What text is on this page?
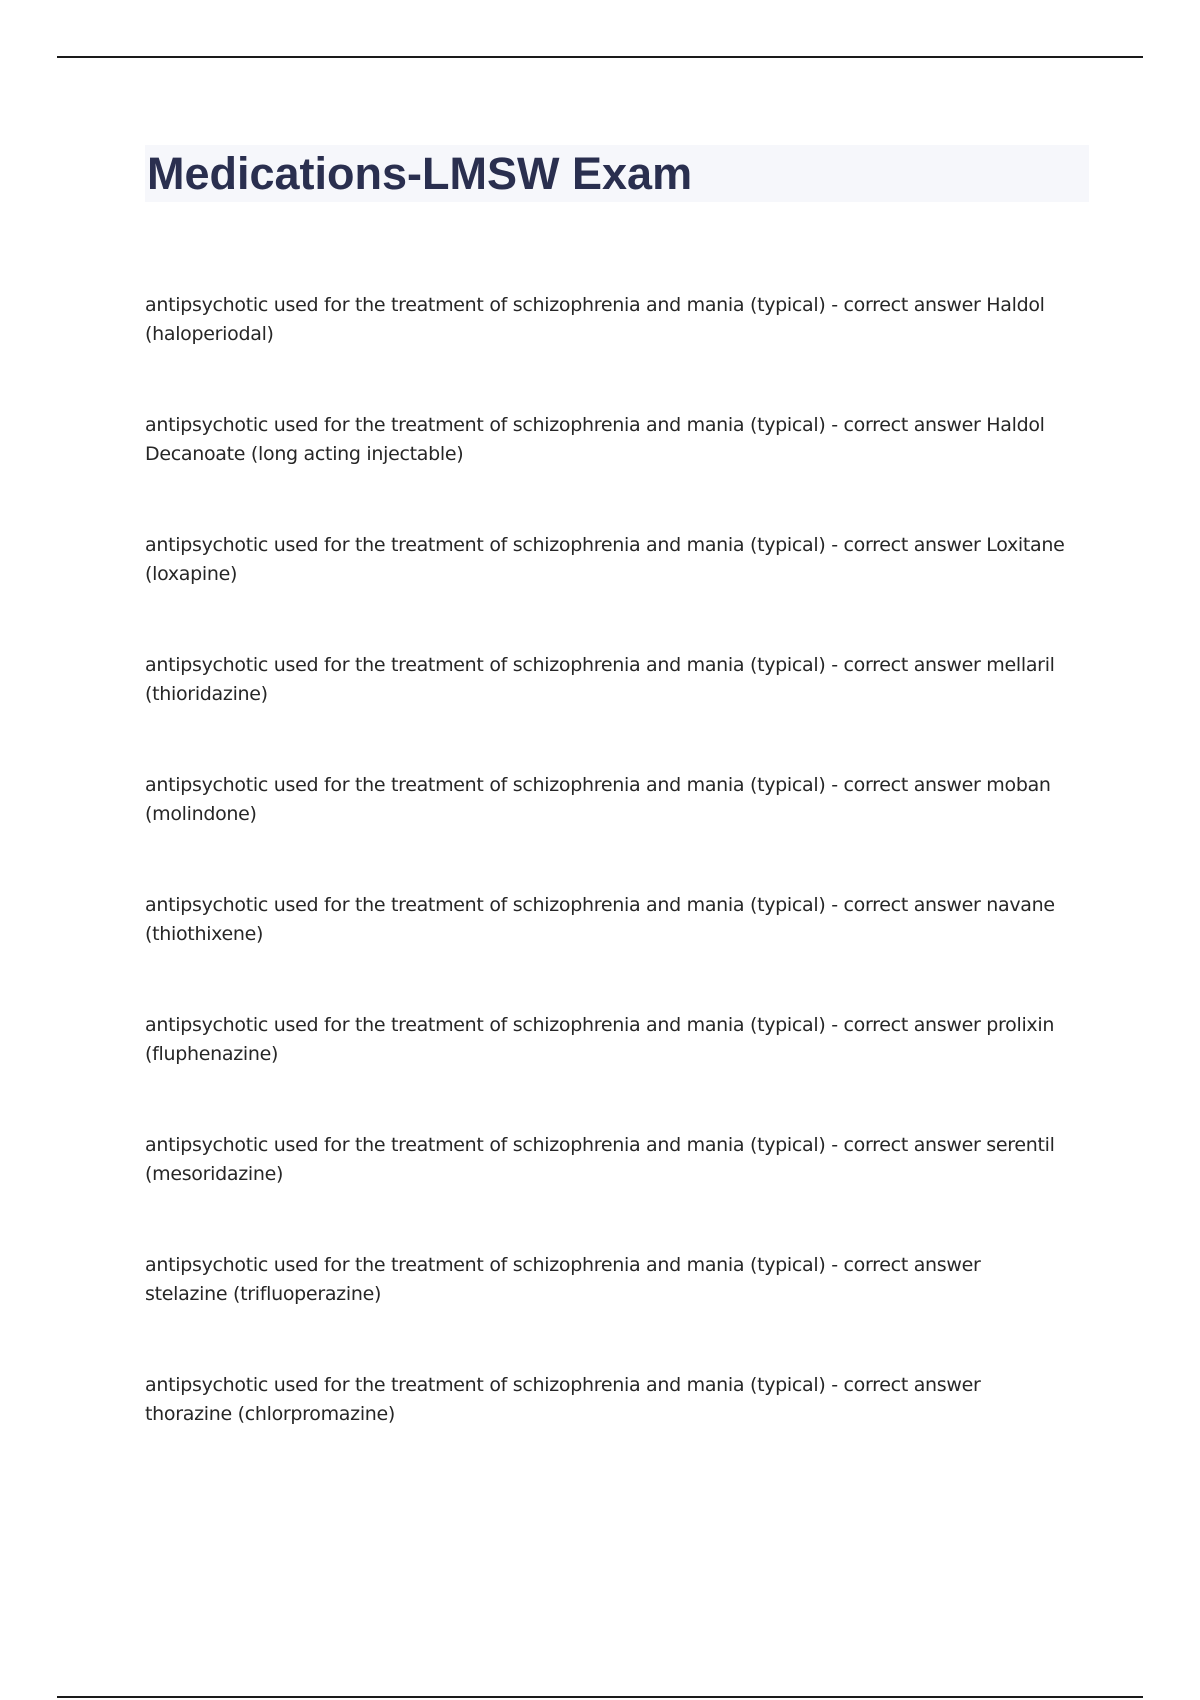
Medications-LMSW Exam
antipsychotic used for the treatment of schizophrenia and mania (typical) - correct answer Haldol (haloperiodal)
antipsychotic used for the treatment of schizophrenia and mania (typical) - correct answer Haldol Decanoate (long acting injectable)
antipsychotic used for the treatment of schizophrenia and mania (typical) - correct answer Loxitane (loxapine)
antipsychotic used for the treatment of schizophrenia and mania (typical) - correct answer mellaril (thioridazine)
antipsychotic used for the treatment of schizophrenia and mania (typical) - correct answer moban (molindone)
antipsychotic used for the treatment of schizophrenia and mania (typical) - correct answer navane (thiothixene)
antipsychotic used for the treatment of schizophrenia and mania (typical) - correct answer prolixin (fluphenazine)
antipsychotic used for the treatment of schizophrenia and mania (typical) - correct answer serentil (mesoridazine)
antipsychotic used for the treatment of schizophrenia and mania (typical) - correct answer stelazine (trifluoperazine)
antipsychotic used for the treatment of schizophrenia and mania (typical) - correct answer thorazine (chlorpromazine)
